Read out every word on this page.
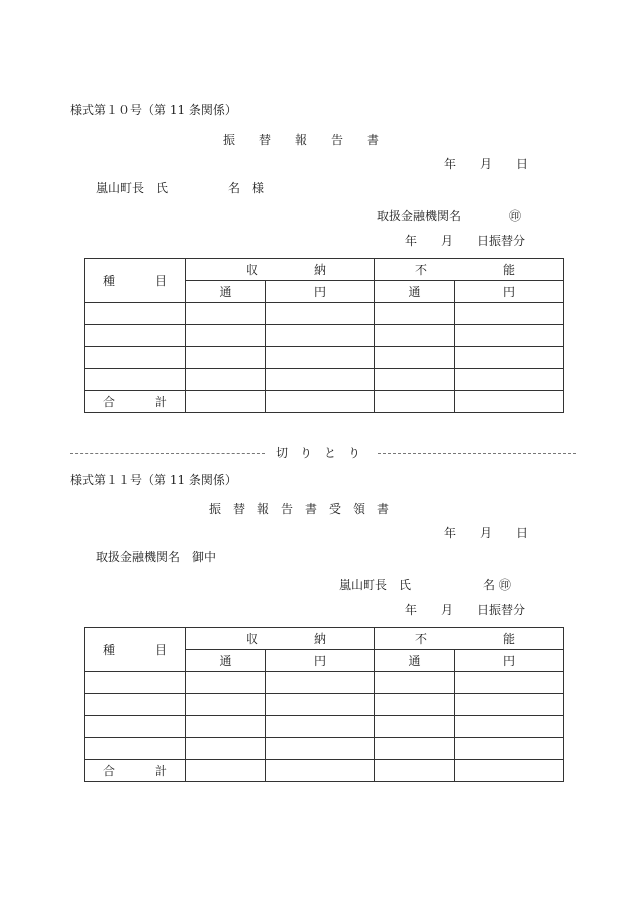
様式第１０号（第 11 条関係）
振　　替　　報　　告　　書
年　　月　　日
嵐山町長　氏　　　　　名　様
取扱金融機関名　　　　㊞
年　　月　　日振替分
種 目	収 納		不 能	

	通	円	通	円

合 計				

切　り　と　り
様式第１１号（第 11 条関係）
振　替　報　告　書　受　領　書
年　　月　　日
取扱金融機関名　御中
嵐山町長　氏　　　　　　名 ㊞
年　　月　　日振替分
種 目	収 納		不 能	

	通	円	通	円

合 計				
